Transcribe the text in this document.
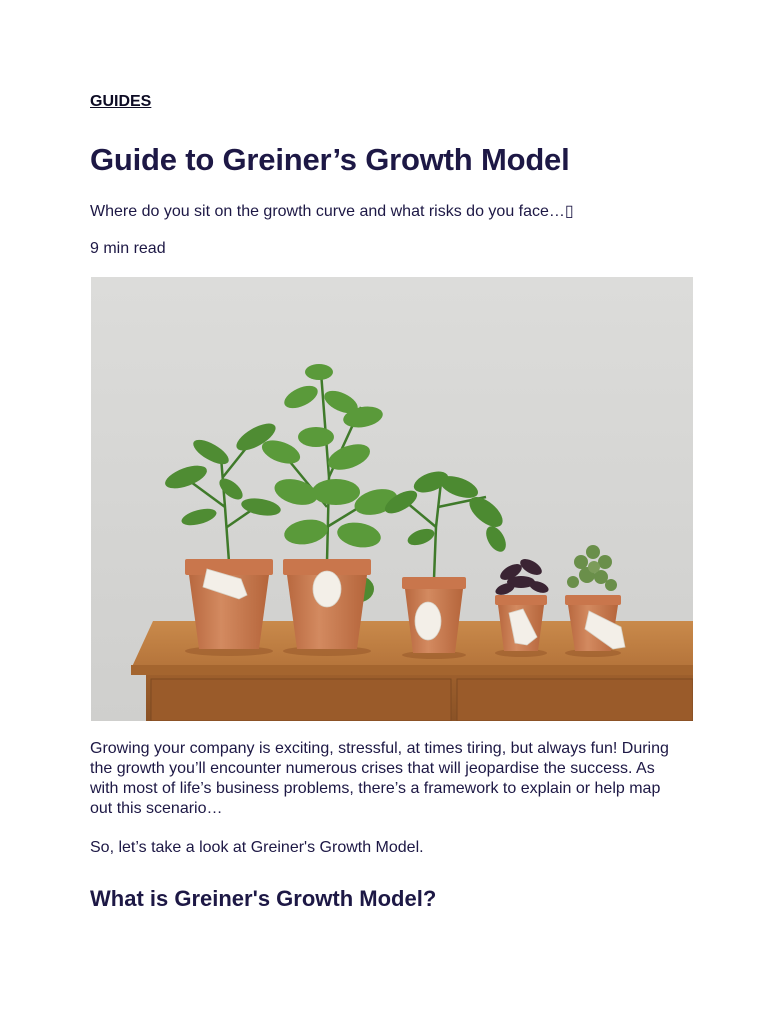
GUIDES
Guide to Greiner’s Growth Model

Where do you sit on the growth curve and what risks do you face…▯

9 min read

Growing your company is exciting, stressful, at times tiring, but always fun! During the growth you’ll encounter numerous crises that will jeopardise the success. As with most of life’s business problems, there’s a framework to explain or help map out this scenario…

So, let’s take a look at Greiner's Growth Model.

What is Greiner's Growth Model?
